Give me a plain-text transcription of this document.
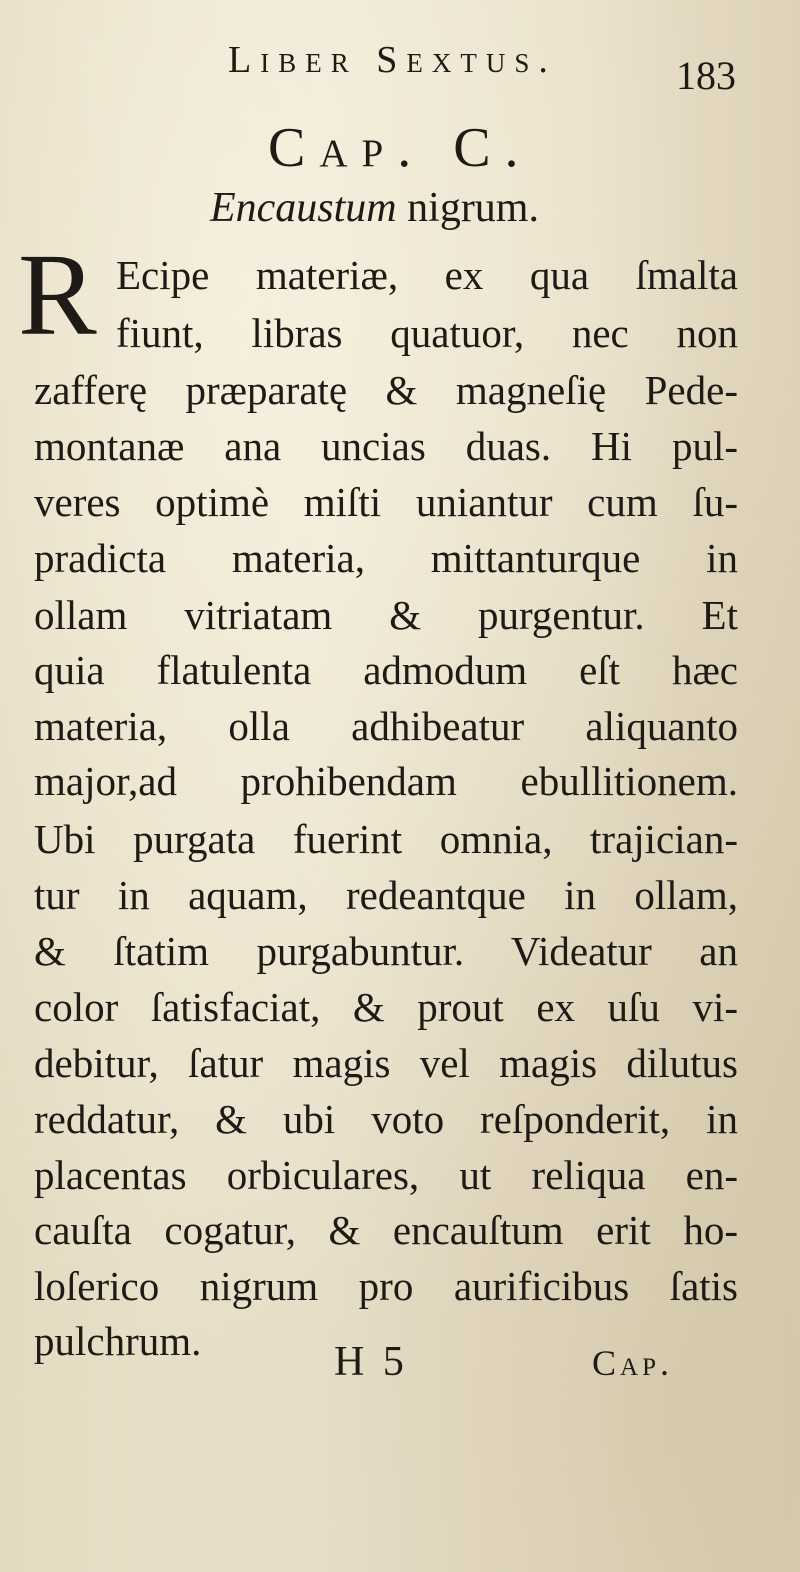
Liber Sextus.	183
Cap. C.
Encaustum nigrum.
R Ecipe materiæ, ex qua ſmalta
fiunt, libras quatuor, nec non
zafferę præparatę & magneſię Pede-
montanæ ana uncias duas. Hi pul-
veres optimè miſti uniantur cum ſu-
pradicta materia, mittanturque in
ollam vitriatam & purgentur. Et
quia flatulenta admodum eſt hæc
materia, olla adhibeatur aliquanto
major,ad prohibendam ebullitionem.
Ubi purgata fuerint omnia, trajician-
tur in aquam, redeantque in ollam,
& ſtatim purgabuntur. Videatur an
color ſatisfaciat, & prout ex uſu vi-
debitur, ſatur magis vel magis dilutus
reddatur, & ubi voto reſponderit, in
placentas orbiculares, ut reliqua en-
cauſta cogatur, & encauſtum erit ho-
loſerico nigrum pro aurificibus ſatis
pulchrum.	H 5	Cap.
